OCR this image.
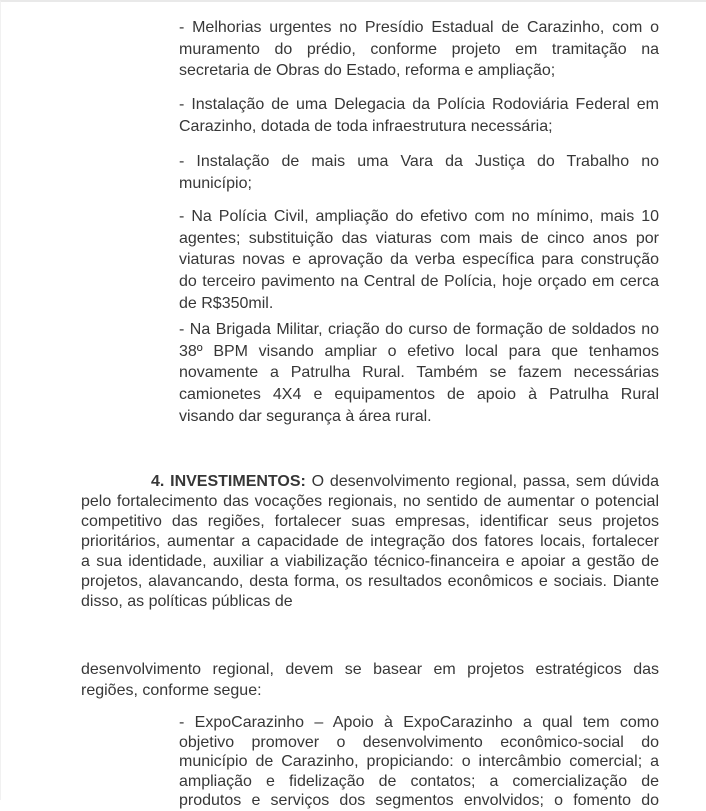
- Melhorias urgentes no Presídio Estadual de Carazinho, com o
muramento do prédio, conforme projeto em tramitação na
secretaria de Obras do Estado, reforma e ampliação;

- Instalação de uma Delegacia da Polícia Rodoviária Federal em
Carazinho, dotada de toda infraestrutura necessária;

- Instalação de mais uma Vara da Justiça do Trabalho no
município;

- Na Polícia Civil, ampliação do efetivo com no mínimo, mais 10
agentes; substituição das viaturas com mais de cinco anos por
viaturas novas e aprovação da verba específica para construção
do terceiro pavimento na Central de Polícia, hoje orçado em cerca
de R$350mil.

- Na Brigada Militar, criação do curso de formação de soldados no
38º BPM visando ampliar o efetivo local para que tenhamos
novamente a Patrulha Rural. Também se fazem necessárias
camionetes 4X4 e equipamentos de apoio à Patrulha Rural
visando dar segurança à área rural.

4. INVESTIMENTOS: O desenvolvimento regional, passa, sem dúvida
pelo fortalecimento das vocações regionais, no sentido de aumentar o potencial
competitivo das regiões, fortalecer suas empresas, identificar seus projetos
prioritários, aumentar a capacidade de integração dos fatores locais, fortalecer
a sua identidade, auxiliar a viabilização técnico-financeira e apoiar a gestão de
projetos, alavancando, desta forma, os resultados econômicos e sociais. Diante
disso, as políticas públicas de

desenvolvimento regional, devem se basear em projetos estratégicos das
regiões, conforme segue:

- ExpoCarazinho – Apoio à ExpoCarazinho a qual tem como
objetivo promover o desenvolvimento econômico-social do
município de Carazinho, propiciando: o intercâmbio comercial; a
ampliação e fidelização de contatos; a comercialização de
produtos e serviços dos segmentos envolvidos; o fomento do
